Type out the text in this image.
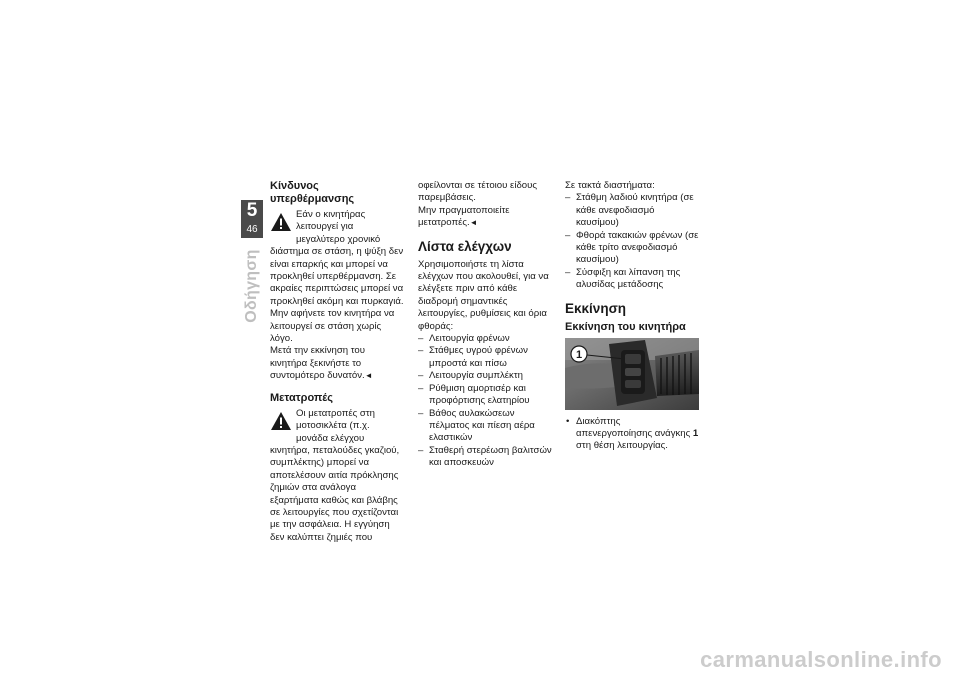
5
46
Οδήγηση
Κίνδυνος υπερθέρμανσης

Εάν ο κινητήρας λειτουργεί για μεγαλύτερο χρονικό διάστημα σε στάση, η ψύξη δεν είναι επαρκής και μπορεί να προκληθεί υπερθέρμανση. Σε ακραίες περιπτώσεις μπορεί να προκληθεί ακόμη και πυρκαγιά.

Μην αφήνετε τον κινητήρα να λειτουργεί σε στάση χωρίς λόγο.

Μετά την εκκίνηση του κινητήρα ξεκινήστε το συντομότερο δυνατόν.◄

Μετατροπές

Οι μετατροπές στη μοτοσικλέτα (π.χ. μονάδα ελέγχου κινητήρα, πεταλούδες γκαζιού, συμπλέκτης) μπορεί να αποτελέσουν αιτία πρόκλησης ζημιών στα ανάλογα εξαρτήματα καθώς και βλάβης σε λειτουργίες που σχετίζονται με την ασφάλεια. Η εγγύηση δεν καλύπτει ζημιές που

οφείλονται σε τέτοιου είδους παρεμβάσεις.

Μην πραγματοποιείτε μετατροπές.◄

Λίστα ελέγχων

Χρησιμοποιήστε τη λίστα ελέγχων που ακολουθεί, για να ελέγξετε πριν από κάθε διαδρομή σημαντικές λειτουργίες, ρυθμίσεις και όρια φθοράς:

– Λειτουργία φρένων
– Στάθμες υγρού φρένων μπροστά και πίσω
– Λειτουργία συμπλέκτη
– Ρύθμιση αμορτισέρ και προφόρτισης ελατηρίου
– Βάθος αυλακώσεων πέλματος και πίεση αέρα ελαστικών
– Σταθερή στερέωση βαλιτσών και αποσκευών

Σε τακτά διαστήματα:

– Στάθμη λαδιού κινητήρα (σε κάθε ανεφοδιασμό καυσίμου)
– Φθορά τακακιών φρένων (σε κάθε τρίτο ανεφοδιασμό καυσίμου)
– Σύσφιξη και λίπανση της αλυσίδας μετάδοσης
Εκκίνηση
Εκκίνηση του κινητήρα
1
• Διακόπτης απενεργοποίησης ανάγκης 1 στη θέση λειτουργίας.
carmanualsonline.info
